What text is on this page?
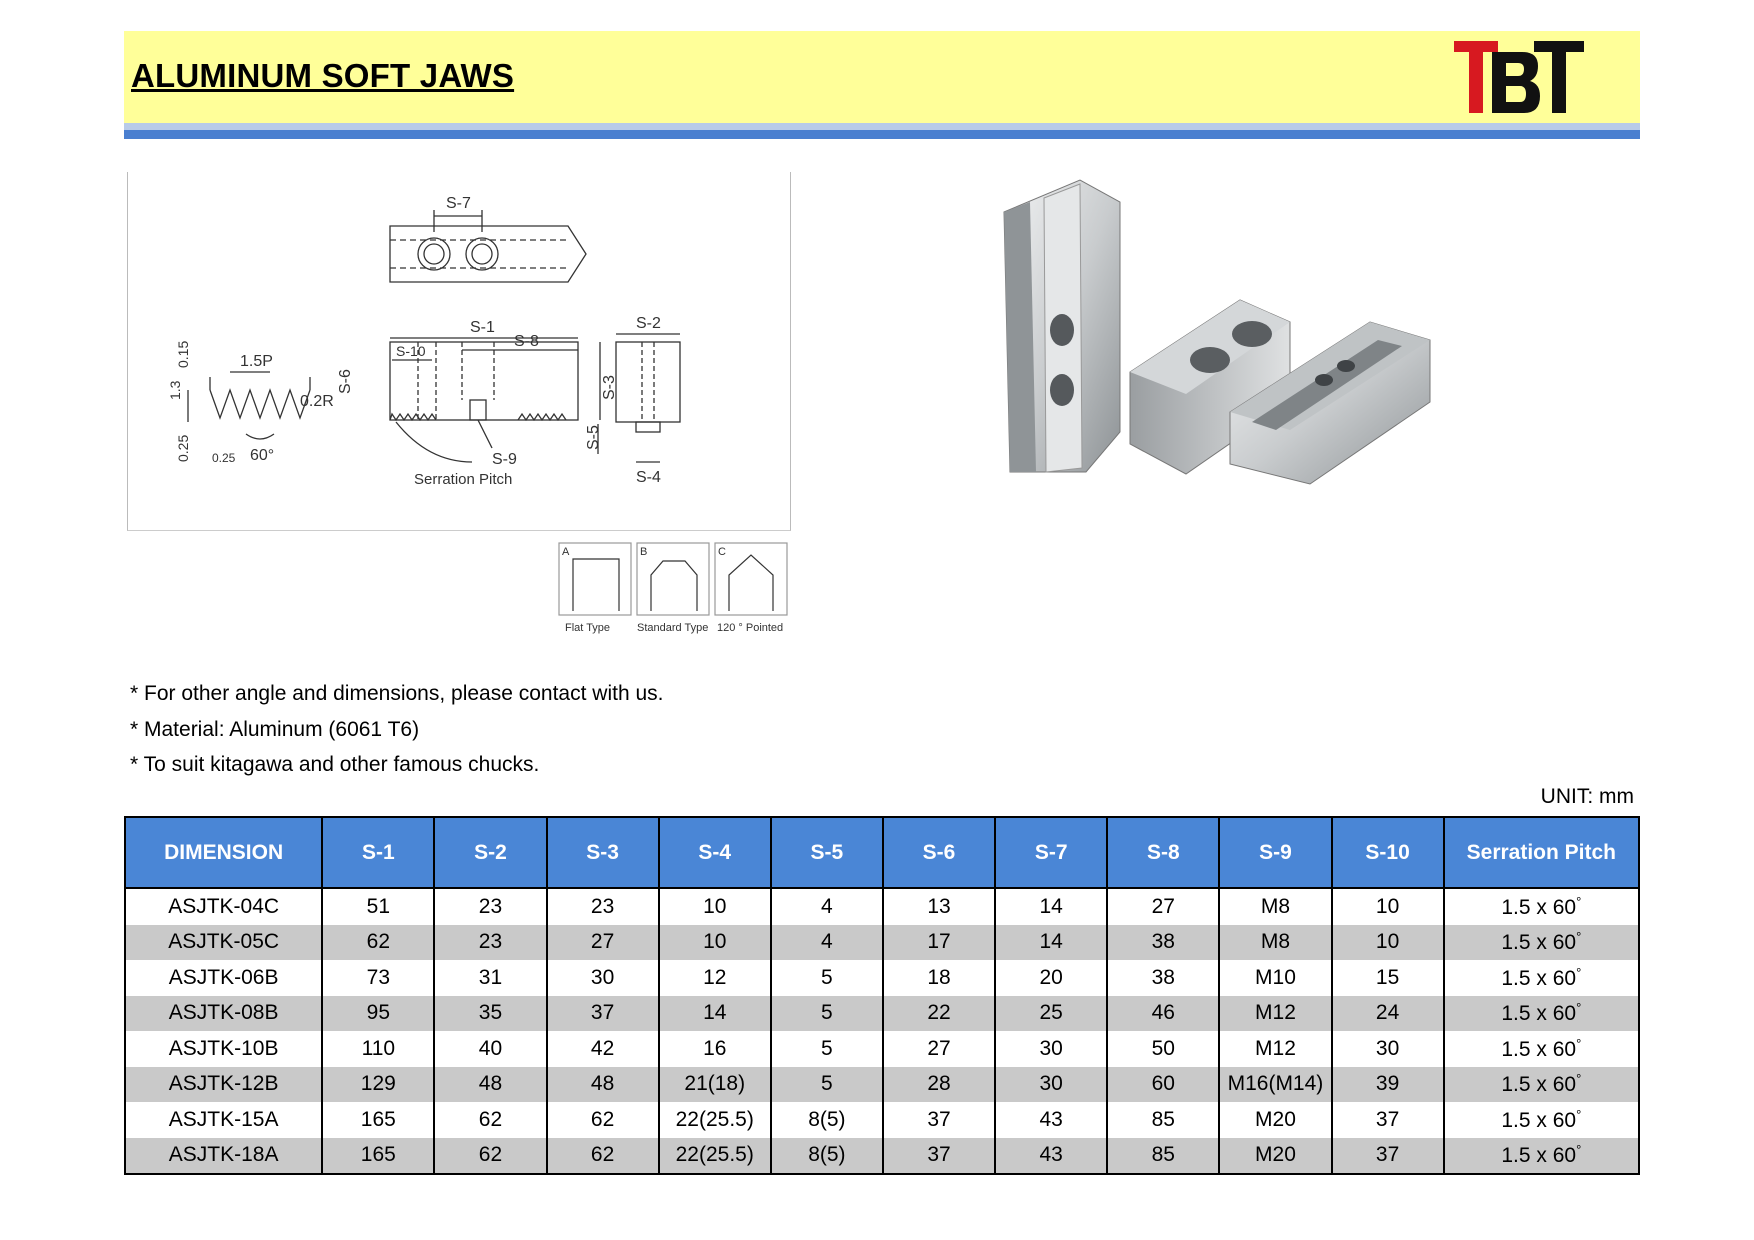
ALUMINUM SOFT JAWS
S-7
1.5P
0.2R
60°
1.3
0.15
0.25 0.25
S-1
S-10
S-8
S-6	S-3
S-9
Serration Pitch
S-2
S-5
S-4
A	B	C
Flat Type Standard Type 120 ° Pointed
* For other angle and dimensions, please contact with us.
* Material: Aluminum (6061 T6)
* To suit kitagawa and other famous chucks.
UNIT: mm
DIMENSION	S-1	S-2	S-3	S-4	S-5	S-6	S-7	S-8	S-9	S-10	Serration Pitch
ASJTK-04C	51	23	23	10	4	13	14	27	M8	10	1.5 x 60°
ASJTK-05C	62	23	27	10	4	17	14	38	M8	10	1.5 x 60°
ASJTK-06B	73	31	30	12	5	18	20	38	M10	15	1.5 x 60°
ASJTK-08B	95	35	37	14	5	22	25	46	M12	24	1.5 x 60°
ASJTK-10B	110	40	42	16	5	27	30	50	M12	30	1.5 x 60°
ASJTK-12B	129	48	48	21(18)	5	28	30	60	M16(M14)	39	1.5 x 60°
ASJTK-15A	165	62	62	22(25.5)	8(5)	37	43	85	M20	37	1.5 x 60°
ASJTK-18A	165	62	62	22(25.5)	8(5)	37	43	85	M20	37	1.5 x 60°
